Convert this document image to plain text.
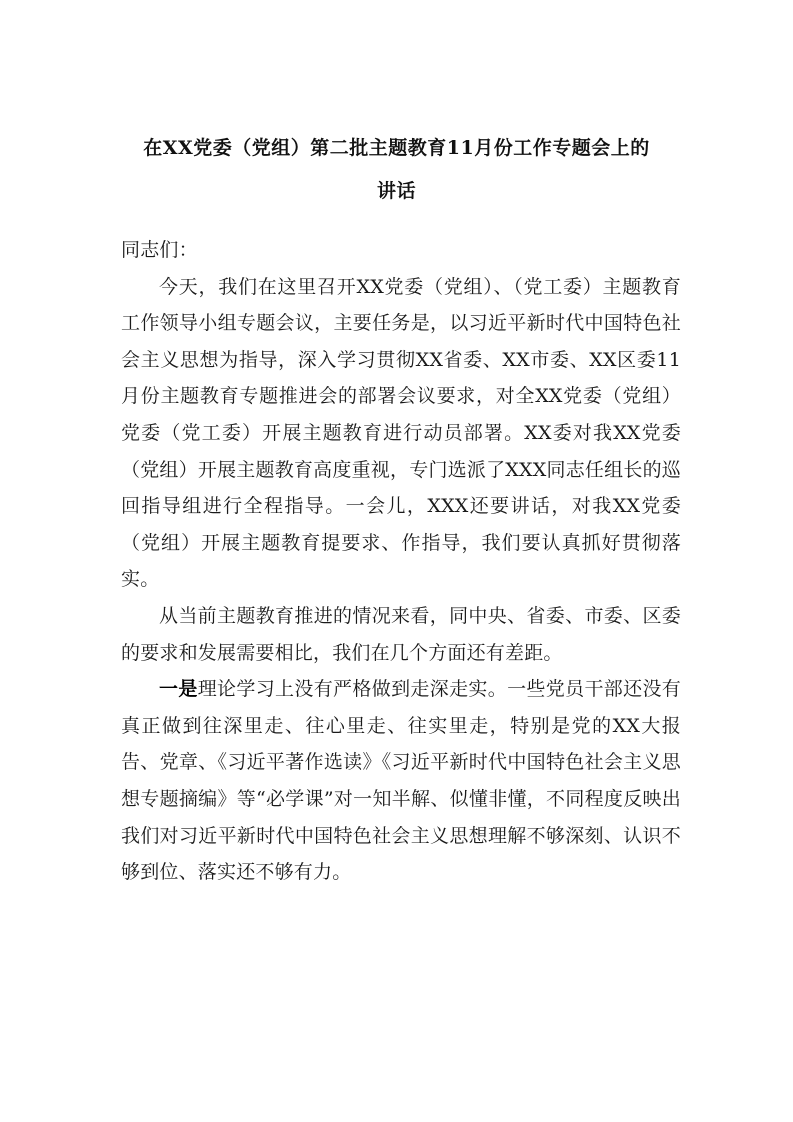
在XX党委（党组）第二批主题教育11月份工作专题会上的
讲话

同志们：

今天，我们在这里召开XX党委（党组）、（党工委）主题教育工作领导小组专题会议，主要任务是，以习近平新时代中国特色社会主义思想为指导，深入学习贯彻XX省委、XX市委、XX区委11月份主题教育专题推进会的部署会议要求，对全XX党委（党组）党委（党工委）开展主题教育进行动员部署。XX委对我XX党委（党组）开展主题教育高度重视，专门选派了XXX同志任组长的巡回指导组进行全程指导。一会儿，XXX还要讲话，对我XX党委（党组）开展主题教育提要求、作指导，我们要认真抓好贯彻落实。

从当前主题教育推进的情况来看，同中央、省委、市委、区委的要求和发展需要相比，我们在几个方面还有差距。

一是理论学习上没有严格做到走深走实。一些党员干部还没有真正做到往深里走、往心里走、往实里走，特别是党的XX大报告、党章、《习近平著作选读》《习近平新时代中国特色社会主义思想专题摘编》等“必学课”对一知半解、似懂非懂，不同程度反映出我们对习近平新时代中国特色社会主义思想理解不够深刻、认识不够到位、落实还不够有力。
